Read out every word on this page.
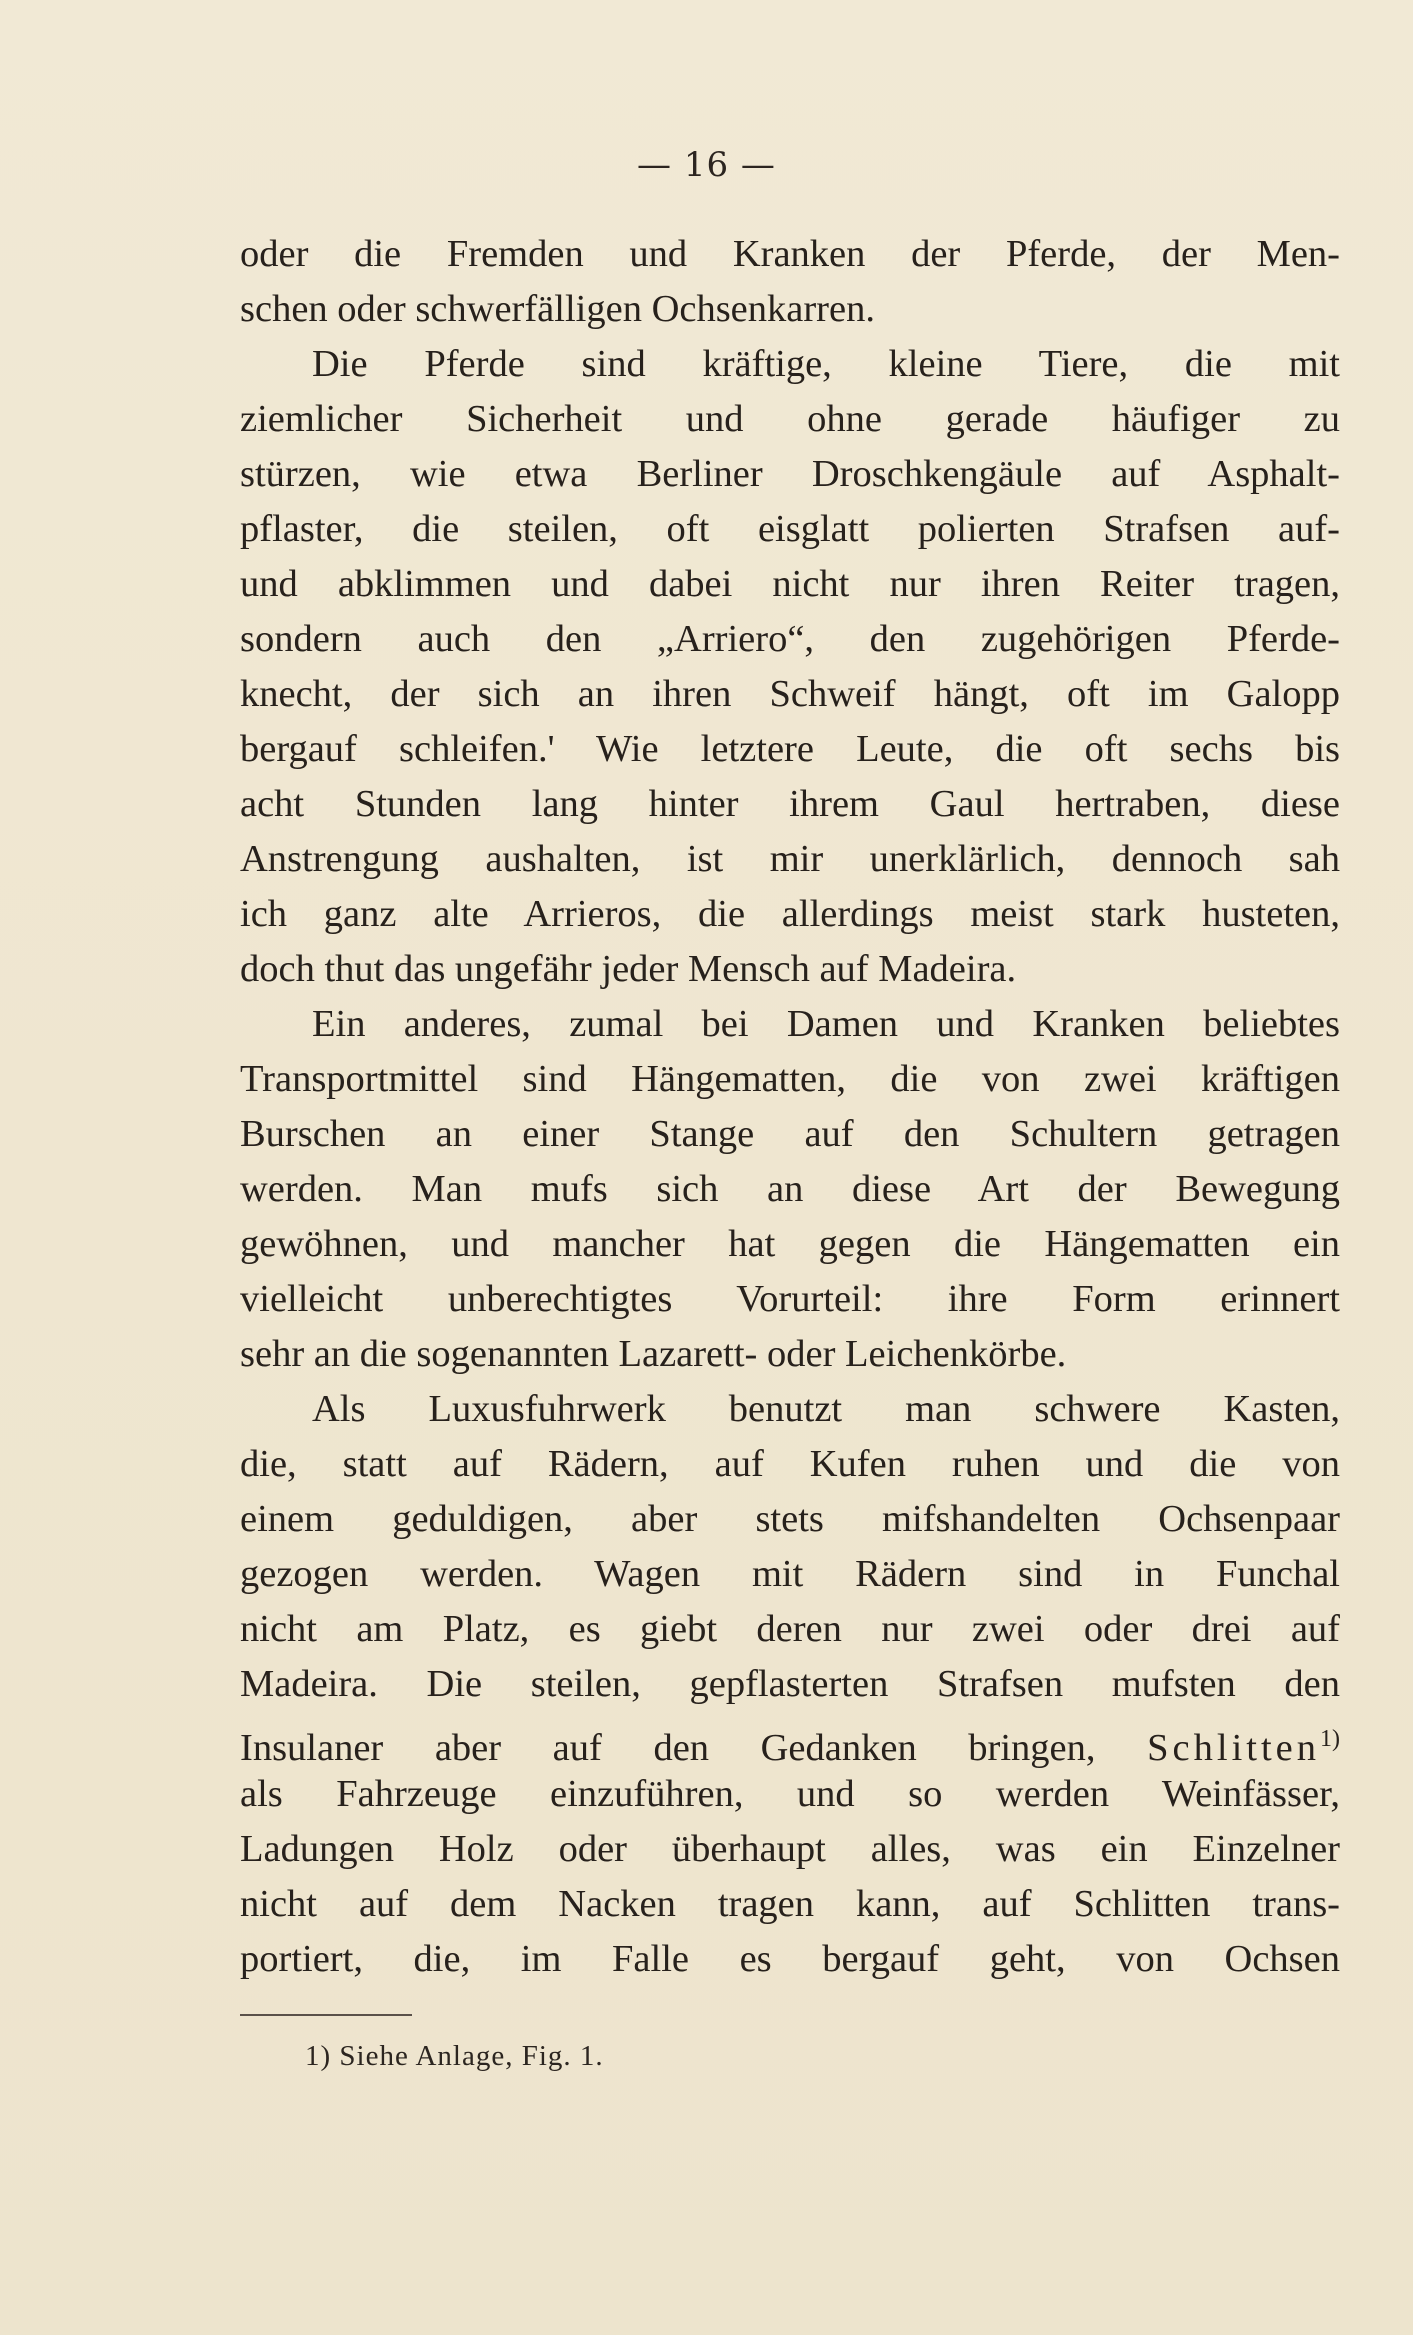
— 16 —
oder die Fremden und Kranken der Pferde, der Men-
schen oder schwerfälligen Ochsenkarren.
Die Pferde sind kräftige, kleine Tiere, die mit
ziemlicher Sicherheit und ohne gerade häufiger zu
stürzen, wie etwa Berliner Droschkengäule auf Asphalt-
pflaster, die steilen, oft eisglatt polierten Strafsen auf-
und abklimmen und dabei nicht nur ihren Reiter tragen,
sondern auch den „Arriero“, den zugehörigen Pferde-
knecht, der sich an ihren Schweif hängt, oft im Galopp
bergauf schleifen.' Wie letztere Leute, die oft sechs bis
acht Stunden lang hinter ihrem Gaul hertraben, diese
Anstrengung aushalten, ist mir unerklärlich, dennoch sah
ich ganz alte Arrieros, die allerdings meist stark husteten,
doch thut das ungefähr jeder Mensch auf Madeira.
Ein anderes, zumal bei Damen und Kranken beliebtes
Transportmittel sind Hängematten, die von zwei kräftigen
Burschen an einer Stange auf den Schultern getragen
werden. Man mufs sich an diese Art der Bewegung
gewöhnen, und mancher hat gegen die Hängematten ein
vielleicht unberechtigtes Vorurteil: ihre Form erinnert
sehr an die sogenannten Lazarett- oder Leichenkörbe.
Als Luxusfuhrwerk benutzt man schwere Kasten,
die, statt auf Rädern, auf Kufen ruhen und die von
einem geduldigen, aber stets mifshandelten Ochsenpaar
gezogen werden. Wagen mit Rädern sind in Funchal
nicht am Platz, es giebt deren nur zwei oder drei auf
Madeira. Die steilen, gepflasterten Strafsen mufsten den
Insulaner aber auf den Gedanken bringen, Schlitten$^{1)}$
als Fahrzeuge einzuführen, und so werden Weinfässer,
Ladungen Holz oder überhaupt alles, was ein Einzelner
nicht auf dem Nacken tragen kann, auf Schlitten trans-
portiert, die, im Falle es bergauf geht, von Ochsen
1) Siehe Anlage, Fig. 1.
